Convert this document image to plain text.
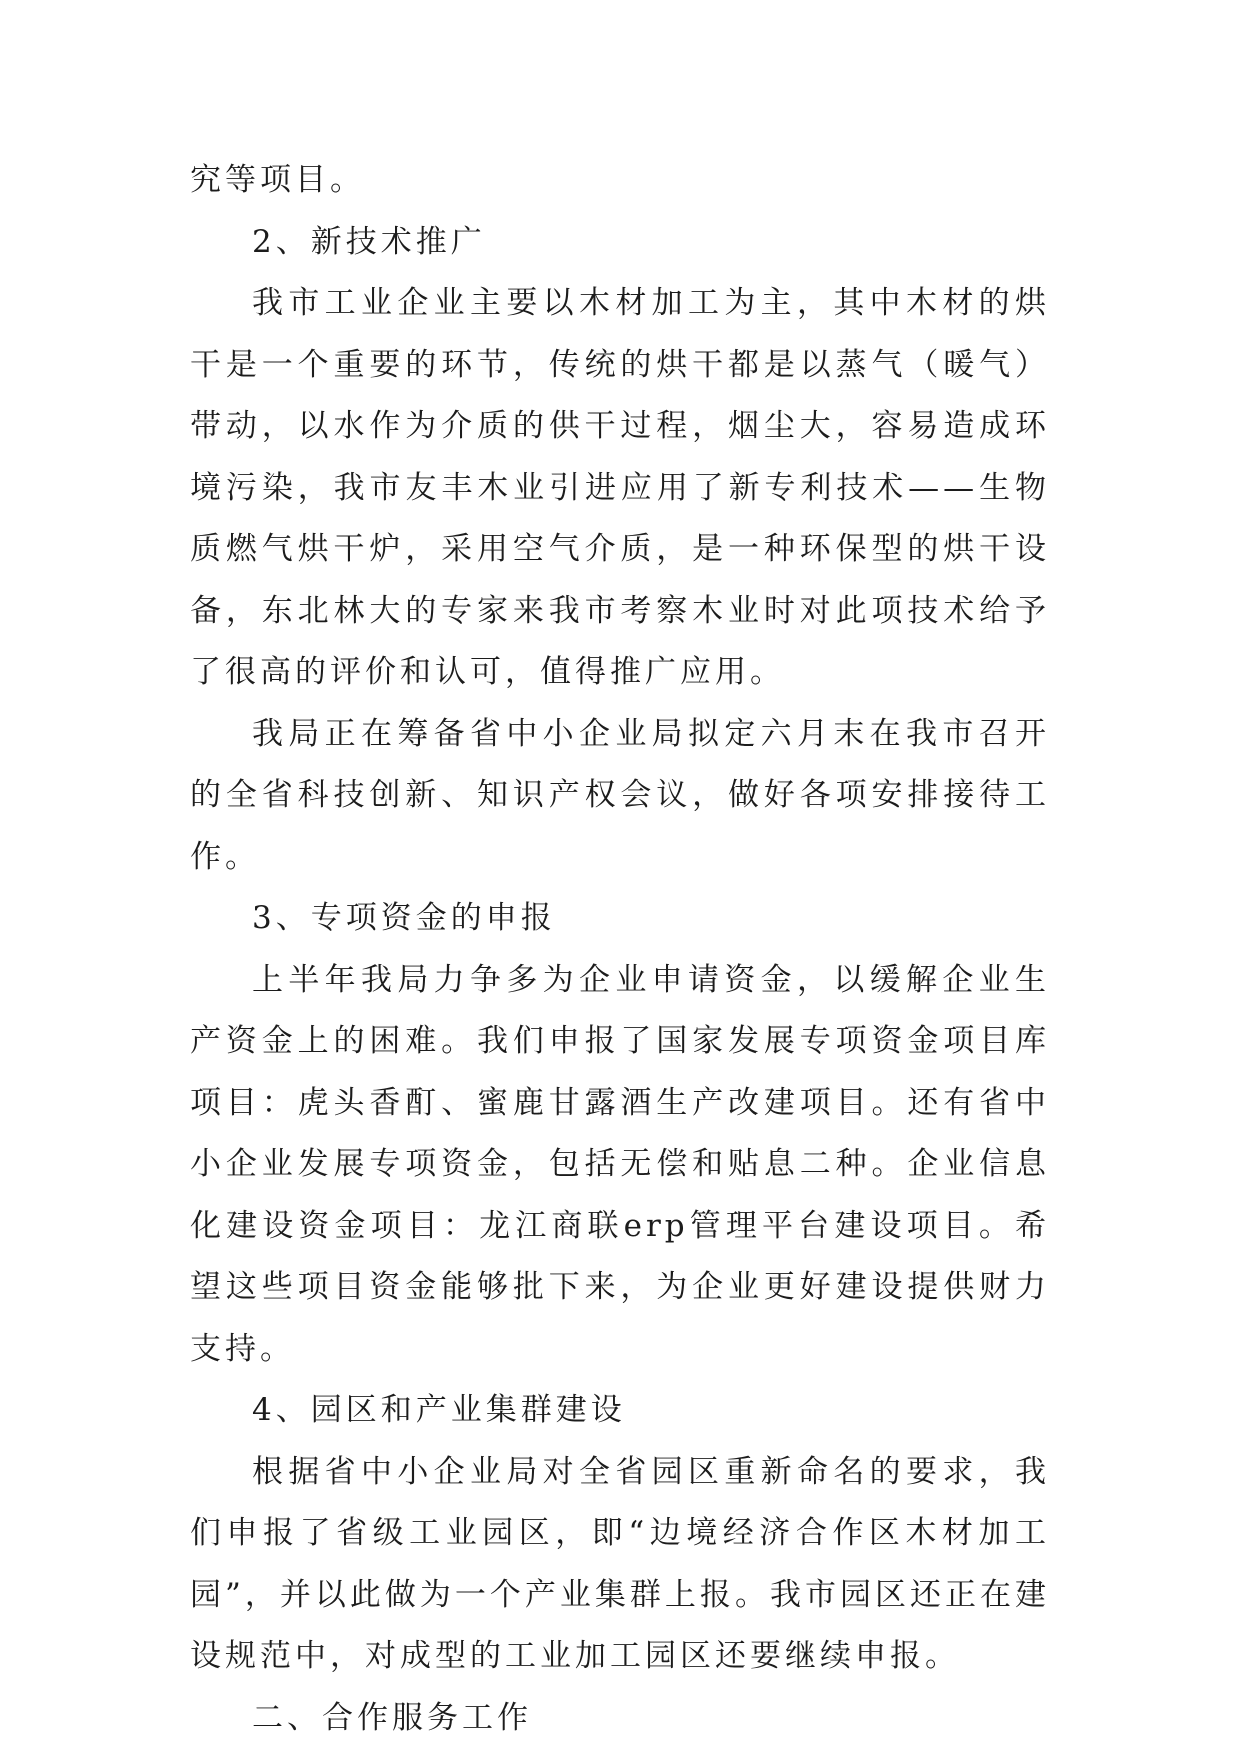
究等项目。

2、新技术推广

我市工业企业主要以木材加工为主，其中木材的烘干是一个重要的环节，传统的烘干都是以蒸气（暖气）带动，以水作为介质的供干过程，烟尘大，容易造成环境污染，我市友丰木业引进应用了新专利技术——生物质燃气烘干炉，采用空气介质，是一种环保型的烘干设备，东北林大的专家来我市考察木业时对此项技术给予了很高的评价和认可，值得推广应用。

我局正在筹备省中小企业局拟定六月末在我市召开的全省科技创新、知识产权会议，做好各项安排接待工作。

3、专项资金的申报

上半年我局力争多为企业申请资金，以缓解企业生产资金上的困难。我们申报了国家发展专项资金项目库项目：虎头香酊、蜜鹿甘露酒生产改建项目。还有省中小企业发展专项资金，包括无偿和贴息二种。企业信息化建设资金项目：龙江商联erp管理平台建设项目。希望这些项目资金能够批下来，为企业更好建设提供财力支持。

4、园区和产业集群建设

根据省中小企业局对全省园区重新命名的要求，我们申报了省级工业园区，即“边境经济合作区木材加工园”，并以此做为一个产业集群上报。我市园区还正在建设规范中，对成型的工业加工园区还要继续申报。

二、合作服务工作
